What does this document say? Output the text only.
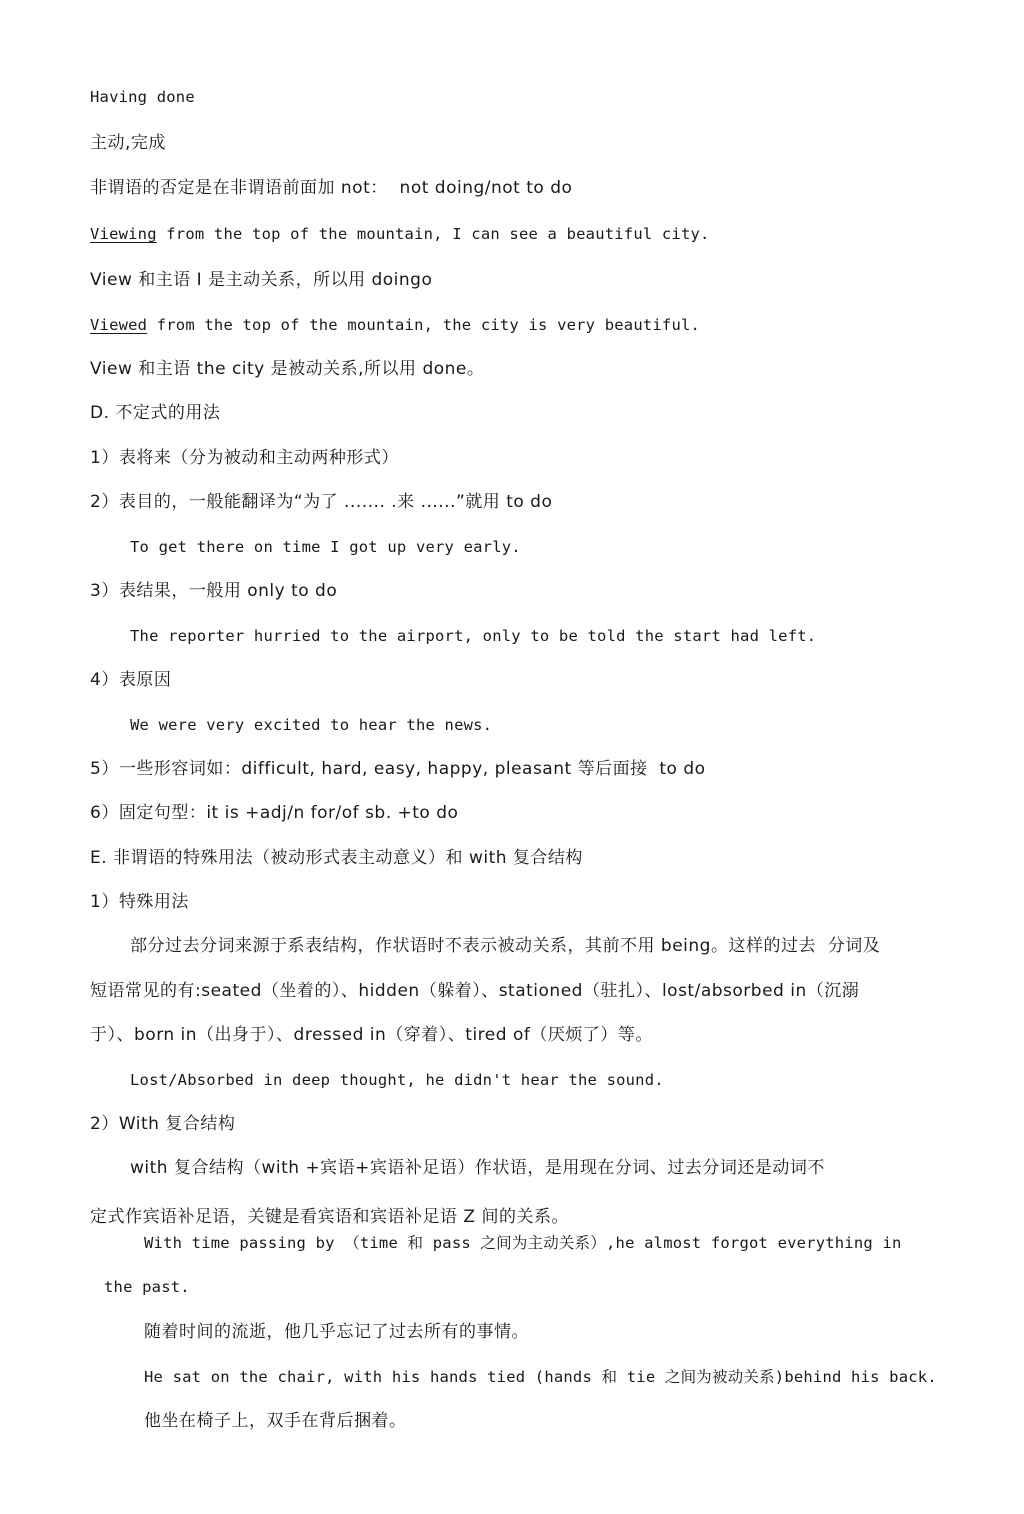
Having done
主动,完成
非谓语的否定是在非谓语前面加 not：  not doing/not to do
Viewing from the top of the mountain, I can see a beautiful city.
View 和主语 I 是主动关系，所以用 doingo
Viewed from the top of the mountain, the city is very beautiful.
View 和主语 the city 是被动关系,所以用 done。
D. 不定式的用法
1）表将来（分为被动和主动两种形式）
2）表目的，一般能翻译为“为了 ....... .来 ......”就用 to do
To get there on time I got up very early.
3）表结果，一般用 only to do
The reporter hurried to the airport, only to be told the start had left.
4）表原因
We were very excited to hear the news.
5）一些形容词如：difficult, hard, easy, happy, pleasant 等后面接  to do
6）固定句型：it is +adj/n for/of sb. +to do
E. 非谓语的特殊用法（被动形式表主动意义）和 with 复合结构
1）特殊用法
部分过去分词来源于系表结构，作状语时不表示被动关系，其前不用 being。这样的过去  分词及
短语常见的有:seated（坐着的）、hidden（躲着）、stationed（驻扎）、lost/absorbed in（沉溺
于）、born in（出身于）、dressed in（穿着）、tired of（厌烦了）等。
Lost/Absorbed in deep thought, he didn't hear the sound.
2）With 复合结构
with 复合结构（with +宾语+宾语补足语）作状语，是用现在分词、过去分词还是动词不
定式作宾语补足语，关键是看宾语和宾语补足语 Z 间的关系。
With time passing by （time 和 pass 之间为主动关系）,he almost forgot everything in
the past.
随着时间的流逝，他几乎忘记了过去所有的事情。
He sat on the chair, with his hands tied (hands 和 tie 之间为被动关系)behind his back.
他坐在椅子上，双手在背后捆着。
